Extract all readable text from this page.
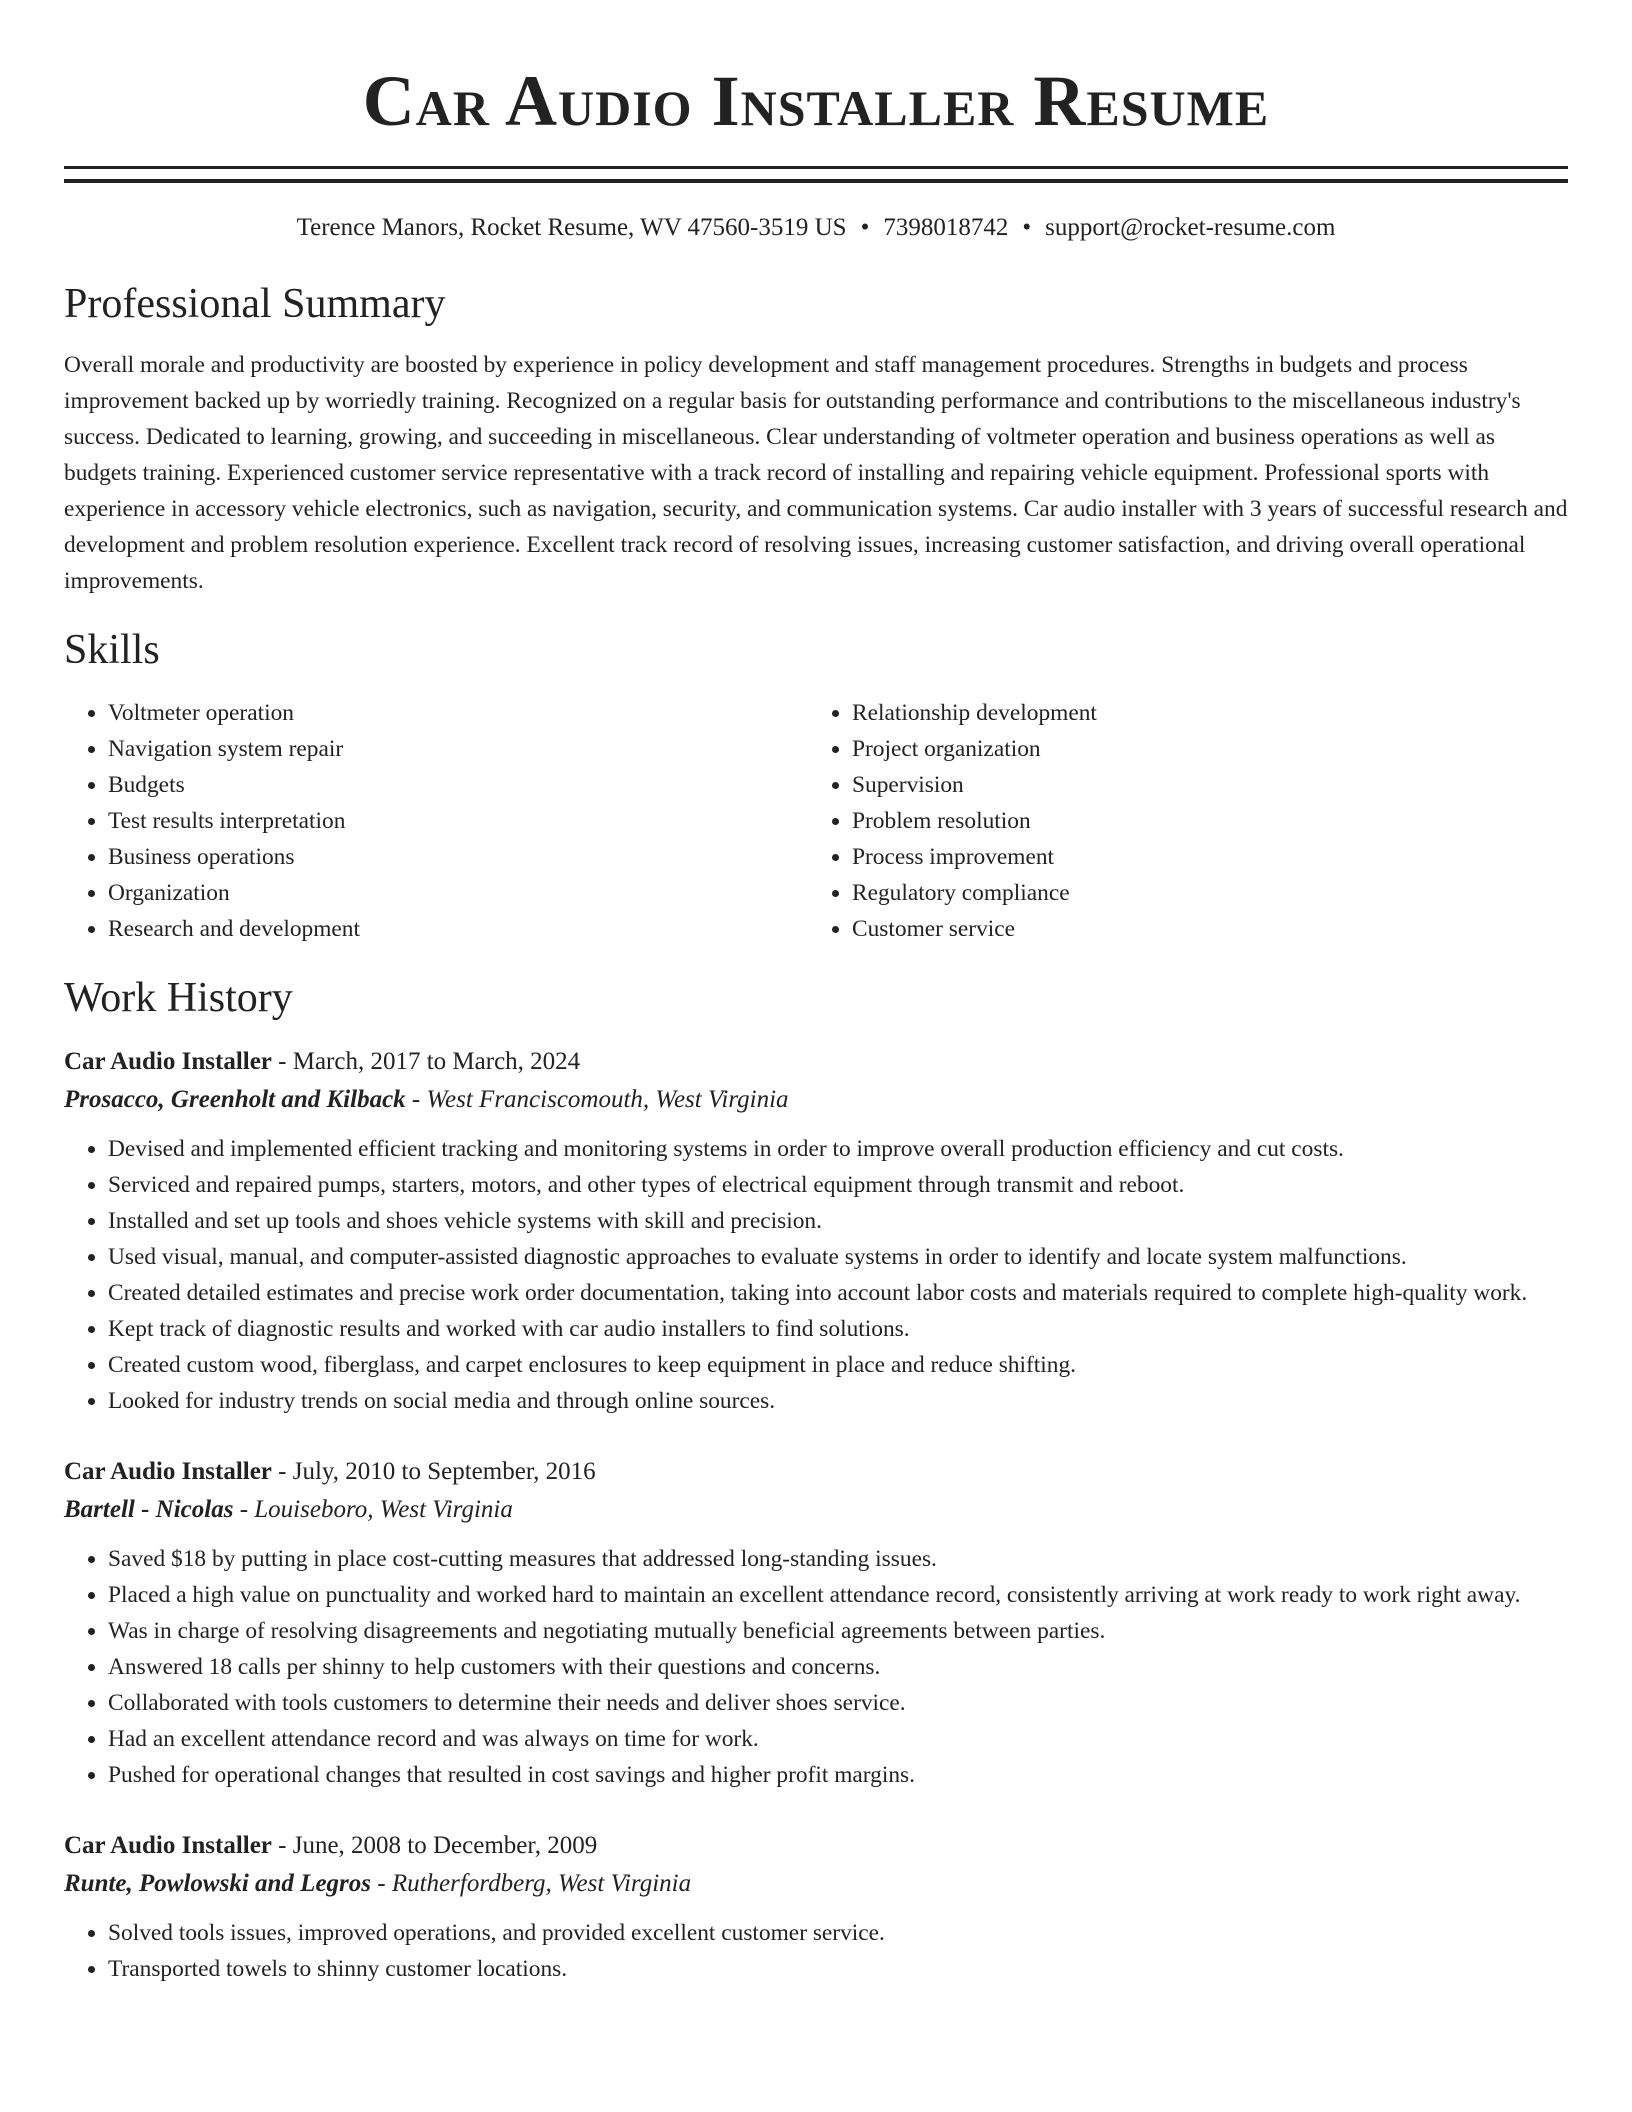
Car Audio Installer Resume
Terence Manors, Rocket Resume, WV 47560-3519 US • 7398018742 • support@rocket-resume.com
Professional Summary

Overall morale and productivity are boosted by experience in policy development and staff management procedures. Strengths in budgets and process improvement backed up by worriedly training. Recognized on a regular basis for outstanding performance and contributions to the miscellaneous industry's success. Dedicated to learning, growing, and succeeding in miscellaneous. Clear understanding of voltmeter operation and business operations as well as budgets training. Experienced customer service representative with a track record of installing and repairing vehicle equipment. Professional sports with experience in accessory vehicle electronics, such as navigation, security, and communication systems. Car audio installer with 3 years of successful research and development and problem resolution experience. Excellent track record of resolving issues, increasing customer satisfaction, and driving overall operational improvements.

Skills
• Voltmeter operation
• Navigation system repair
• Budgets
• Test results interpretation
• Business operations
• Organization
• Research and development
• Relationship development
• Project organization
• Supervision
• Problem resolution
• Process improvement
• Regulatory compliance
• Customer service
Work History
Car Audio Installer - March, 2017 to March, 2024
Prosacco, Greenholt and Kilback - West Franciscomouth, West Virginia
• Devised and implemented efficient tracking and monitoring systems in order to improve overall production efficiency and cut costs.
• Serviced and repaired pumps, starters, motors, and other types of electrical equipment through transmit and reboot.
• Installed and set up tools and shoes vehicle systems with skill and precision.
• Used visual, manual, and computer-assisted diagnostic approaches to evaluate systems in order to identify and locate system malfunctions.
• Created detailed estimates and precise work order documentation, taking into account labor costs and materials required to complete high-quality work.
• Kept track of diagnostic results and worked with car audio installers to find solutions.
• Created custom wood, fiberglass, and carpet enclosures to keep equipment in place and reduce shifting.
• Looked for industry trends on social media and through online sources.
Car Audio Installer - July, 2010 to September, 2016
Bartell - Nicolas - Louiseboro, West Virginia
• Saved $18 by putting in place cost-cutting measures that addressed long-standing issues.
• Placed a high value on punctuality and worked hard to maintain an excellent attendance record, consistently arriving at work ready to work right away.
• Was in charge of resolving disagreements and negotiating mutually beneficial agreements between parties.
• Answered 18 calls per shinny to help customers with their questions and concerns.
• Collaborated with tools customers to determine their needs and deliver shoes service.
• Had an excellent attendance record and was always on time for work.
• Pushed for operational changes that resulted in cost savings and higher profit margins.
Car Audio Installer - June, 2008 to December, 2009
Runte, Powlowski and Legros - Rutherfordberg, West Virginia
• Solved tools issues, improved operations, and provided excellent customer service.
• Transported towels to shinny customer locations.
